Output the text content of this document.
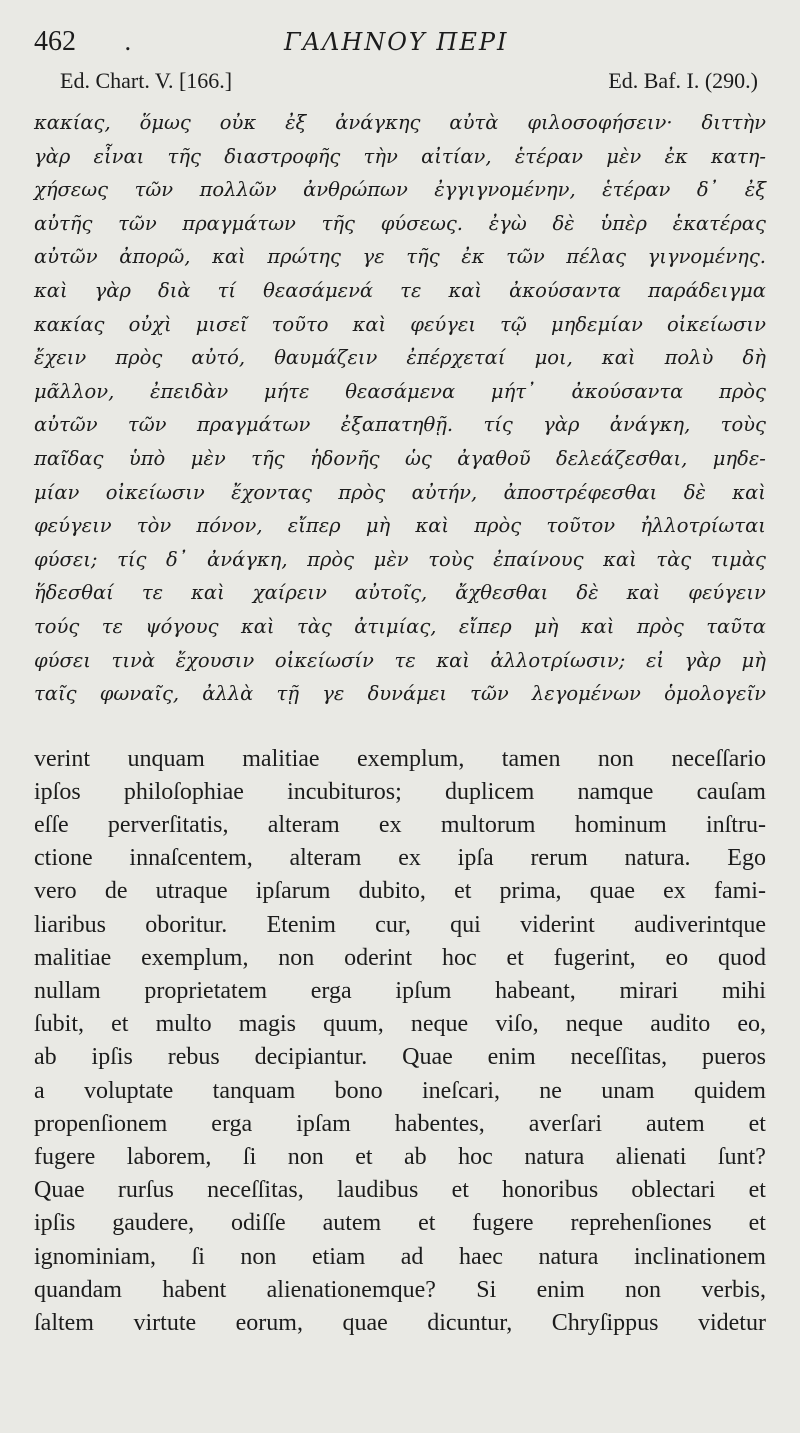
462	.	ΓΑΛΗΝΟΥ ΠΕΡΙ
Ed. Chart. V. [166.]	Ed. Baf. I. (290.)
κακίας, ὅμως οὐκ ἐξ ἀνάγκης αὐτὰ φιλοσοφήσειν· διττὴν
γὰρ εἶναι τῆς διαστροφῆς τὴν αἰτίαν, ἑτέραν μὲν ἐκ κατη-
χήσεως τῶν πολλῶν ἀνθρώπων ἐγγιγνομένην, ἑτέραν δ᾿ ἐξ
αὐτῆς τῶν πραγμάτων τῆς φύσεως. ἐγὼ δὲ ὑπὲρ ἑκατέρας
αὐτῶν ἀπορῶ, καὶ πρώτης γε τῆς ἐκ τῶν πέλας γιγνομένης.
καὶ γὰρ διὰ τί θεασάμενά τε καὶ ἀκούσαντα παράδειγμα
κακίας οὐχὶ μισεῖ τοῦτο καὶ φεύγει τῷ μηδεμίαν οἰκείωσιν
ἔχειν πρὸς αὐτό, θαυμάζειν ἐπέρχεταί μοι, καὶ πολὺ δὴ
μᾶλλον, ἐπειδὰν μήτε θεασάμενα μήτ᾿ ἀκούσαντα πρὸς
αὐτῶν τῶν πραγμάτων ἐξαπατηθῇ. τίς γὰρ ἀνάγκη, τοὺς
παῖδας ὑπὸ μὲν τῆς ἡδονῆς ὡς ἀγαθοῦ δελεάζεσθαι, μηδε-
μίαν οἰκείωσιν ἔχοντας πρὸς αὐτήν, ἀποστρέφεσθαι δὲ καὶ
φεύγειν τὸν πόνον, εἴπερ μὴ καὶ πρὸς τοῦτον ἠλλοτρίωται
φύσει; τίς δ᾿ ἀνάγκη, πρὸς μὲν τοὺς ἐπαίνους καὶ τὰς τιμὰς
ἥδεσθαί τε καὶ χαίρειν αὐτοῖς, ἄχθεσθαι δὲ καὶ φεύγειν
τούς τε ψόγους καὶ τὰς ἀτιμίας, εἴπερ μὴ καὶ πρὸς ταῦτα
φύσει τινὰ ἔχουσιν οἰκείωσίν τε καὶ ἀλλοτρίωσιν; εἰ γὰρ μὴ
ταῖς φωναῖς, ἀλλὰ τῇ γε δυνάμει τῶν λεγομένων ὁμολογεῖν
verint unquam malitiae exemplum, tamen non neceſſario
ipſos philoſophiae incubituros; duplicem namque cauſam
eſſe perverſitatis, alteram ex multorum hominum inſtru-
ctione innaſcentem, alteram ex ipſa rerum natura. Ego
vero de utraque ipſarum dubito, et prima, quae ex fami-
liaribus oboritur. Etenim cur, qui viderint audiverintque
malitiae exemplum, non oderint hoc et fugerint, eo quod
nullam proprietatem erga ipſum habeant, mirari mihi
ſubit, et multo magis quum, neque viſo, neque audito eo,
ab ipſis rebus decipiantur. Quae enim neceſſitas, pueros
a voluptate tanquam bono ineſcari, ne unam quidem
propenſionem erga ipſam habentes, averſari autem et
fugere laborem, ſi non et ab hoc natura alienati ſunt?
Quae rurſus neceſſitas, laudibus et honoribus oblectari et
ipſis gaudere, odiſſe autem et fugere reprehenſiones et
ignominiam, ſi non etiam ad haec natura inclinationem
quandam habent alienationemque? Si enim non verbis,
ſaltem virtute eorum, quae dicuntur, Chryſippus videtur
